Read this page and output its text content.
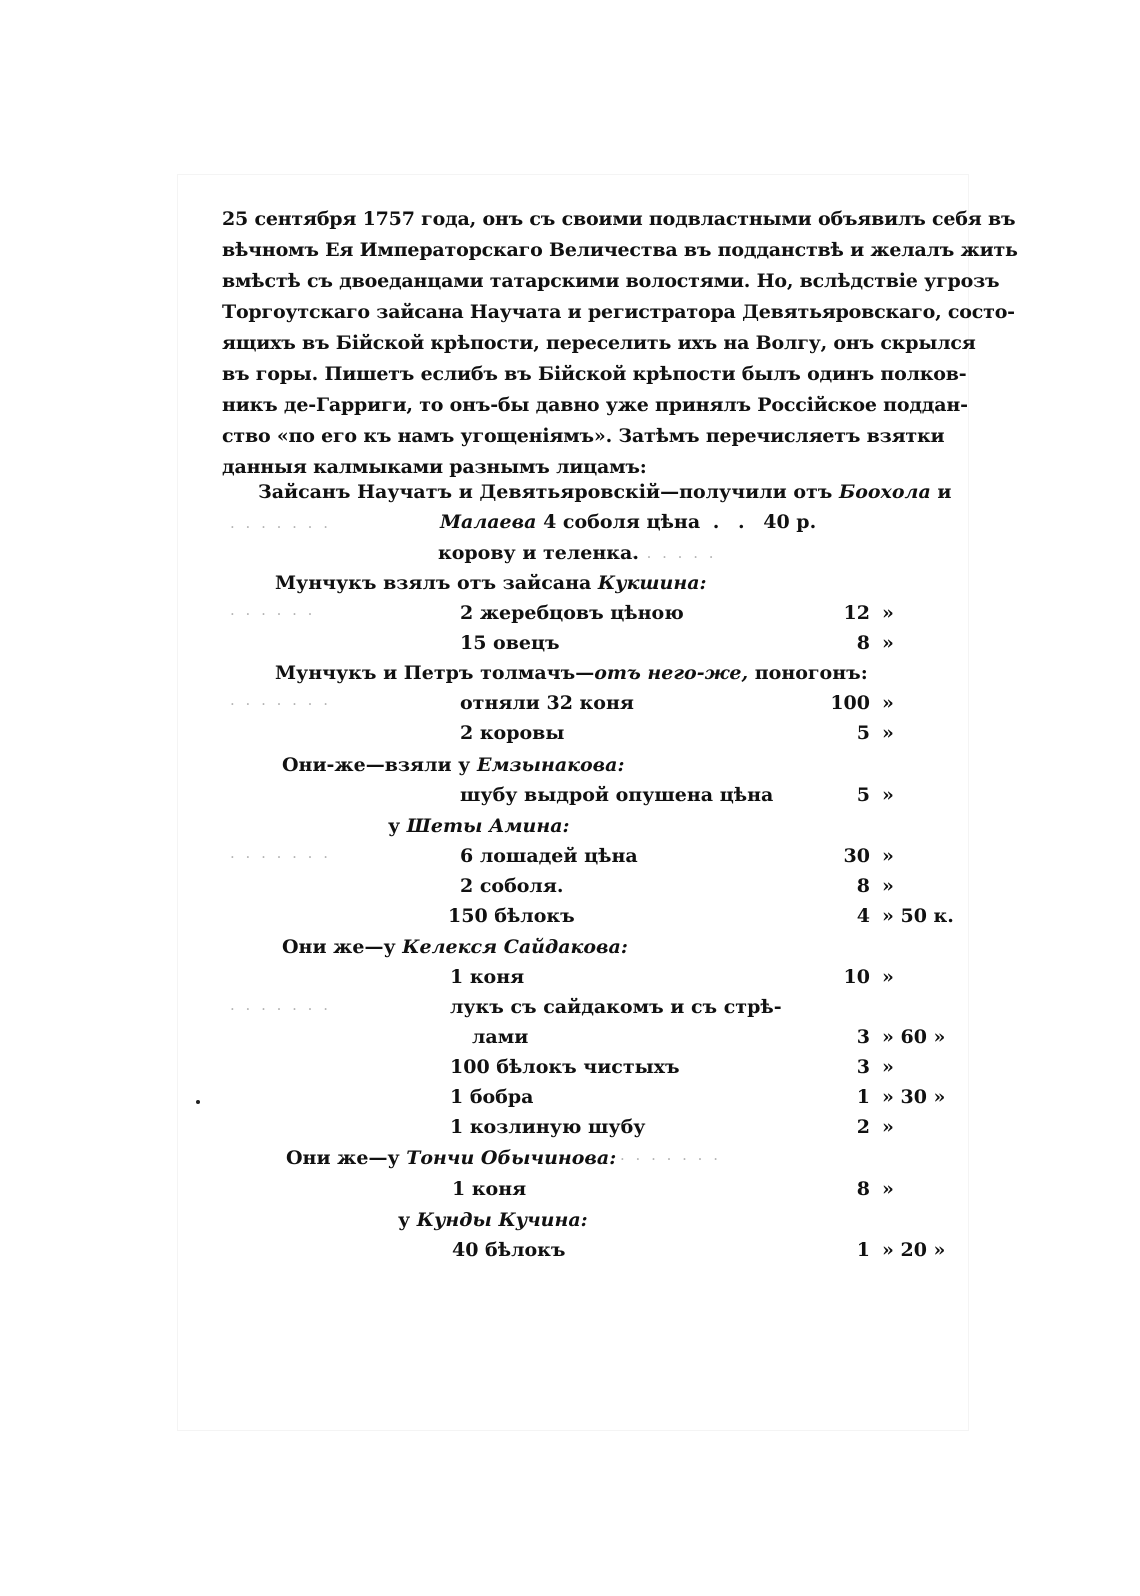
25 сентября 1757 года, онъ съ своими подвластными объявилъ себя въ
вѣчномъ Ея Императорскаго Величества въ подданствѣ и желалъ жить
вмѣстѣ съ двоеданцами татарскими волостями. Но, вслѣдствіе угрозъ
Торгоутскаго зайсана Научата и регистратора Девятьяровскаго, состо-
ящихъ въ Бійской крѣпости, переселить ихъ на Волгу, онъ скрылся
въ горы. Пишетъ еслибъ въ Бійской крѣпости былъ одинъ полков-
никъ де-Гарриги, то онъ-бы давно уже принялъ Россійское поддан-
ство «по его къ намъ угощеніямъ». Затѣмъ перечисляетъ взятки
данныя калмыками разнымъ лицамъ:
Зайсанъ Научатъ и Девятьяровскій—получили отъ Боохола и
Малаева 4 соболя цѣна . . 40 р.
корову и теленка.
Мунчукъ взялъ отъ зайсана Кукшина:
2 жеребцовъ цѣною	12 »
15 овецъ	8 »
Мунчукъ и Петръ толмачъ—отъ него-же, поногонъ:
отняли 32 коня	100 »
2 коровы	5 »
Они-же—взяли у Емзынакова:
шубу выдрой опушена цѣна	5 »
у Шеты Амина:
6 лошадей цѣна	30 »
2 соболя.	8 »
150 бѣлокъ	4 » 50 к.
Они же—у Келекся Сайдакова:
1 коня	10 »
лукъ съ сайдакомъ и съ стрѣ-
лами	3 » 60 »
100 бѣлокъ чистыхъ	3 »
1 бобра	1 » 30 »
1 козлиную шубу	2 »
Они же—у Тончи Обычинова:
1 коня	8 »
у Кунды Кучина:
40 бѣлокъ	1 » 20 »
· · · · · · ·
· · · · · · · ·
· · · · · ·
· · · · · · ·
· · · · · · ·
· · · · · · ·
· · · · · · ·
